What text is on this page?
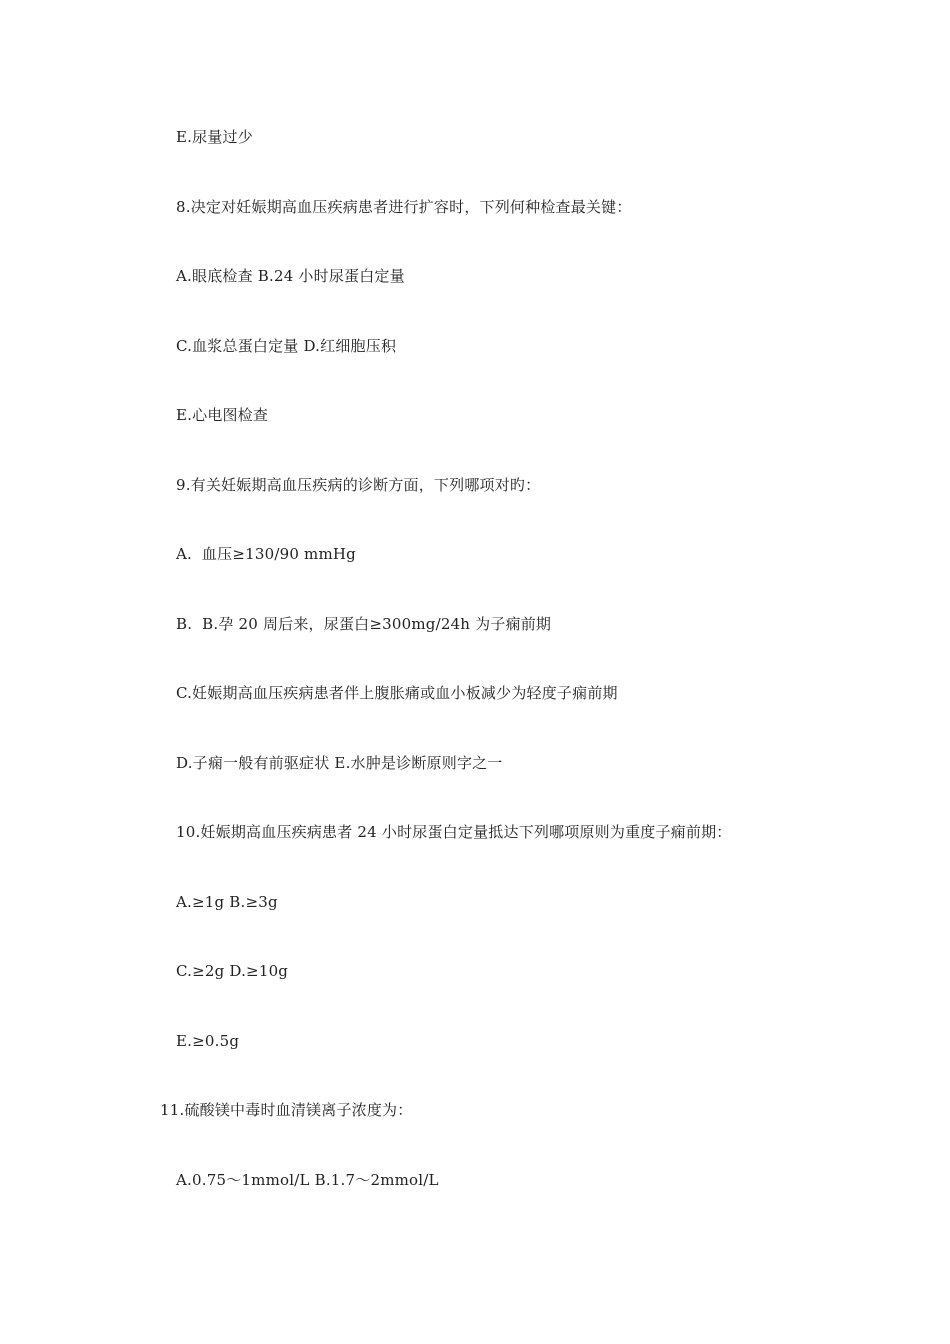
E.尿量过少
8.决定对妊娠期高血压疾病患者进行扩容时，下列何种检查最关键：
A.眼底检查 B.24 小时尿蛋白定量
C.血浆总蛋白定量 D.红细胞压积
E.心电图检查
9.有关妊娠期高血压疾病的诊断方面，下列哪项对旳：
A.  血压≥130/90 mmHg
B.  B.孕 20 周后来，尿蛋白≥300mg/24h 为子痫前期
C.妊娠期高血压疾病患者伴上腹胀痛或血小板减少为轻度子痫前期
D.子痫一般有前驱症状 E.水肿是诊断原则字之一
10.妊娠期高血压疾病患者 24 小时尿蛋白定量抵达下列哪项原则为重度子痫前期：
A.≥1g B.≥3g
C.≥2g D.≥10g
E.≥0.5g
11.硫酸镁中毒时血清镁离子浓度为：
A.0.75～1mmol/L B.1.7～2mmol/L
